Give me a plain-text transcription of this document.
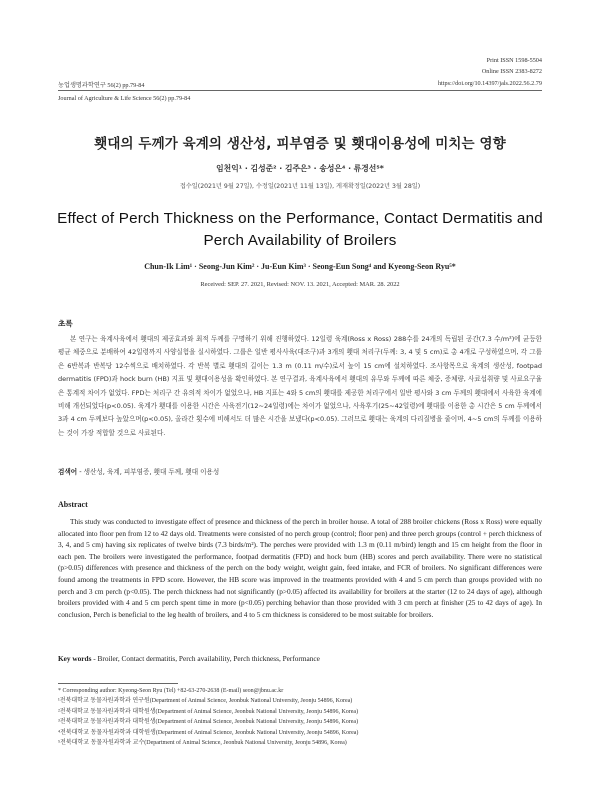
Print ISSN 1598-5504
Online ISSN 2383-8272
농업생명과학연구 56(2) pp.79-84	https://doi.org/10.14397/jals.2022.56.2.79
Journal of Agriculture & Life Science 56(2) pp.79-84
횃대의 두께가 육계의 생산성, 피부염증 및 횃대이용성에 미치는 영향
임천익¹ · 김성준² · 김주은³ · 송성은⁴ · 류경선⁵*
접수일(2021년 9월 27일), 수정일(2021년 11월 13일), 게재확정일(2022년 3월 28일)
Effect of Perch Thickness on the Performance, Contact Dermatitis and Perch Availability of Broilers
Chun-Ik Lim¹ · Seong-Jun Kim² · Ju-Eun Kim³ · Seong-Eun Song⁴ and Kyeong-Seon Ryu⁵*
Received: SEP. 27. 2021, Revised: NOV. 13. 2021, Accepted: MAR. 28. 2022
초록
본 연구는 육계사육에서 횃대의 제공효과와 최적 두께를 구명하기 위해 진행하였다. 12일령 육계(Ross x Ross) 288수를 24개의 독립된 공간(7.3 수/m²)에 균등한 평균 체중으로 분배하여 42일령까지 사양실험을 실시하였다. 그룹은 일반 평사사육(대조구)과 3개의 횃대 처리구(두께: 3, 4 및 5 cm)로 총 4개로 구성하였으며, 각 그룹은 6반복과 반복당 12수씩으로 배치하였다. 각 반복 별로 횃대의 길이는 1.3 m (0.11 m/수)로서 높이 15 cm에 설치하였다. 조사항목으로 육계의 생산성, footpad dermatitis (FPD)과 hock burn (HB) 지표 및 횃대이용성을 확인하였다. 본 연구결과, 육계사육에서 횃대의 유무와 두께에 따른 체중, 증체량, 사료섭취량 및 사료요구율은 통계적 차이가 없었다. FPD는 처리구 간 유의적 차이가 없었으나, HB 지표는 4와 5 cm의 횃대를 제공한 처리구에서 일반 평사와 3 cm 두께의 횃대에서 사육한 육계에 비해 개선되었다(p<0.05). 육계가 횃대를 이용한 시간은 사육전기(12~24일령)에는 차이가 없었으나, 사육후기(25~42일령)에 횃대를 이용한 총 시간은 5 cm 두께에서 3과 4 cm 두께보다 높았으며(p<0.05), 올라간 횟수에 비해서도 더 많은 시간을 보냈다(p<0.05). 그러므로 횃대는 육계의 다리질병을 줄이며, 4~5 cm의 두께를 이용하는 것이 가장 적합할 것으로 사료된다.
검색어 - 생산성, 육계, 피부염증, 횃대 두께, 횃대 이용성
Abstract
This study was conducted to investigate effect of presence and thickness of the perch in broiler house. A total of 288 broiler chickens (Ross x Ross) were equally allocated into floor pen from 12 to 42 days old. Treatments were consisted of no perch group (control; floor pen) and three perch groups (control + perch thickness of 3, 4, and 5 cm) having six replicates of twelve birds (7.3 birds/m²). The perches were provided with 1.3 m (0.11 m/bird) length and 15 cm height from the floor in each pen. The broilers were investigated the performance, footpad dermatitis (FPD) and hock burn (HB) scores and perch availability. There were no statistical (p>0.05) differences with presence and thickness of the perch on the body weight, weight gain, feed intake, and FCR of broilers. No significant differences were found among the treatments in FPD score. However, the HB score was improved in the treatments provided with 4 and 5 cm perch than groups provided with no perch and 3 cm perch (p<0.05). The perch thickness had not significantly (p>0.05) affected its availability for broilers at the starter (12 to 24 days of age), although broilers provided with 4 and 5 cm perch spent time in more (p<0.05) perching behavior than those provided with 3 cm perch at finisher (25 to 42 days of age). In conclusion, Perch is beneficial to the leg health of broilers, and 4 to 5 cm thickness is considered to be most suitable for broilers.
Key words - Broiler, Contact dermatitis, Perch availability, Perch thickness, Performance
* Corresponding author: Kyeong-Seon Ryu (Tel) +82-63-270-2638 (E-mail) seon@jbnu.ac.kr
¹전북대학교 동물자원과학과 연구원(Department of Animal Science, Jeonbuk National University, Jeonju 54896, Korea)
²전북대학교 동물자원과학과 대학원생(Department of Animal Science, Jeonbuk National University, Jeonju 54896, Korea)
³전북대학교 동물자원과학과 대학원생(Department of Animal Science, Jeonbuk National University, Jeonju 54896, Korea)
⁴전북대학교 동물자원과학과 대학원생(Department of Animal Science, Jeonbuk National University, Jeonju 54896, Korea)
⁵전북대학교 동물자원과학과 교수(Department of Animal Science, Jeonbuk National University, Jeonju 54896, Korea)
